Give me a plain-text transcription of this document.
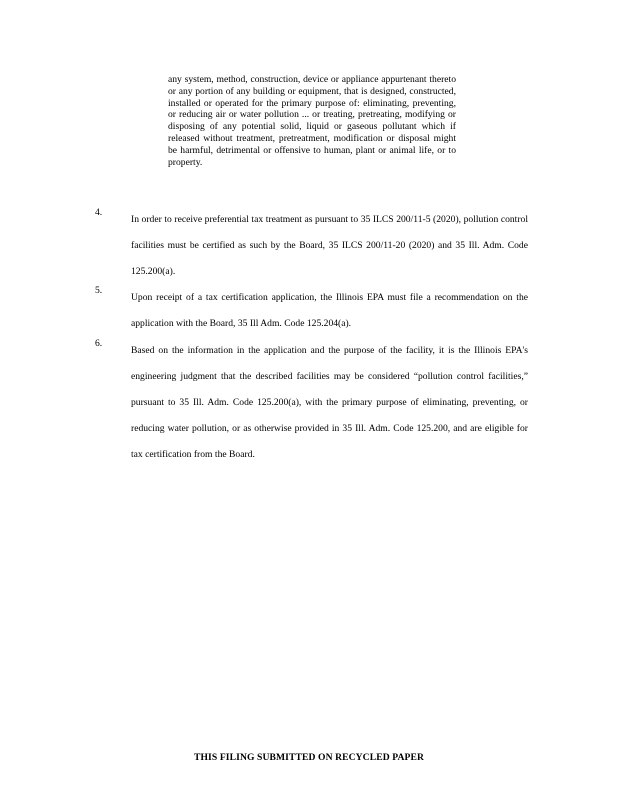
any system, method, construction, device or appliance appurtenant thereto or any portion of any building or equipment, that is designed, constructed, installed or operated for the primary purpose of: eliminating, preventing, or reducing air or water pollution ... or treating, pretreating, modifying or disposing of any potential solid, liquid or gaseous pollutant which if released without treatment, pretreatment, modification or disposal might be harmful, detrimental or offensive to human, plant or animal life, or to property.
4.
In order to receive preferential tax treatment as pursuant to 35 ILCS 200/11-5 (2020), pollution control facilities must be certified as such by the Board, 35 ILCS 200/11-20 (2020) and 35 Ill. Adm. Code 125.200(a).
5.
Upon receipt of a tax certification application, the Illinois EPA must file a recommendation on the application with the Board, 35 Ill Adm. Code 125.204(a).
6.
Based on the information in the application and the purpose of the facility, it is the Illinois EPA's engineering judgment that the described facilities may be considered “pollution control facilities,” pursuant to 35 Ill. Adm. Code 125.200(a), with the primary purpose of eliminating, preventing, or reducing water pollution, or as otherwise provided in 35 Ill. Adm. Code 125.200, and are eligible for tax certification from the Board.
THIS FILING SUBMITTED ON RECYCLED PAPER
